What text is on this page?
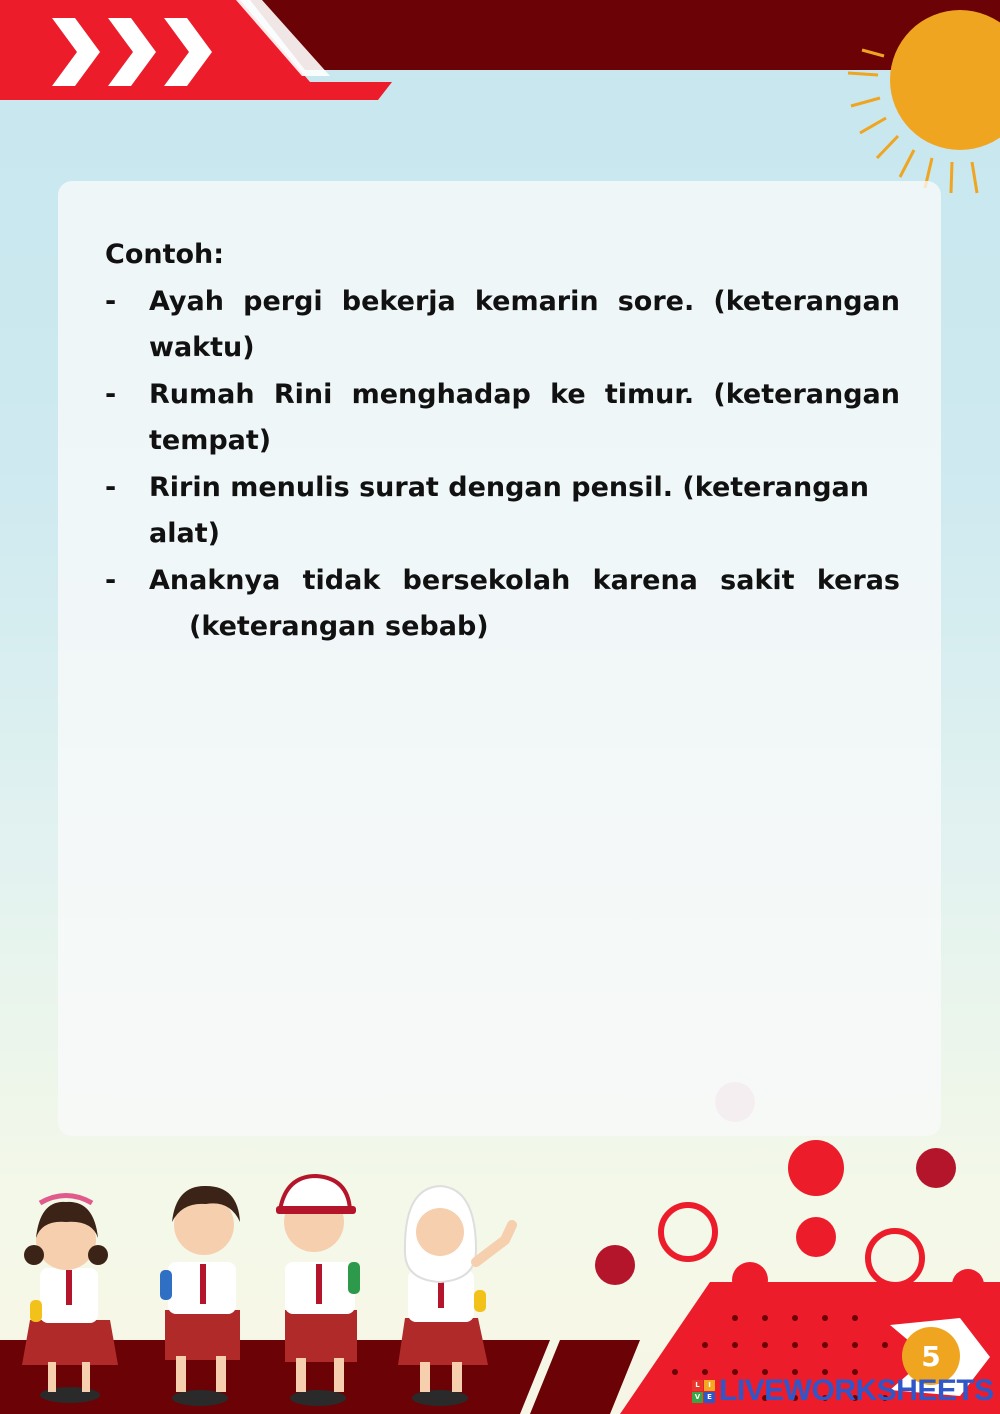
Contoh:

-	Ayah pergi bekerja kemarin sore. (keterangan waktu)
-	Rumah Rini menghadap ke timur. (keterangan tempat)
-	Ririn menulis surat dengan pensil. (keterangan alat)
-	Anaknya tidak bersekolah karena sakit keras
(keterangan sebab)
5
L	I
V E LIVEWORKSHEETS
